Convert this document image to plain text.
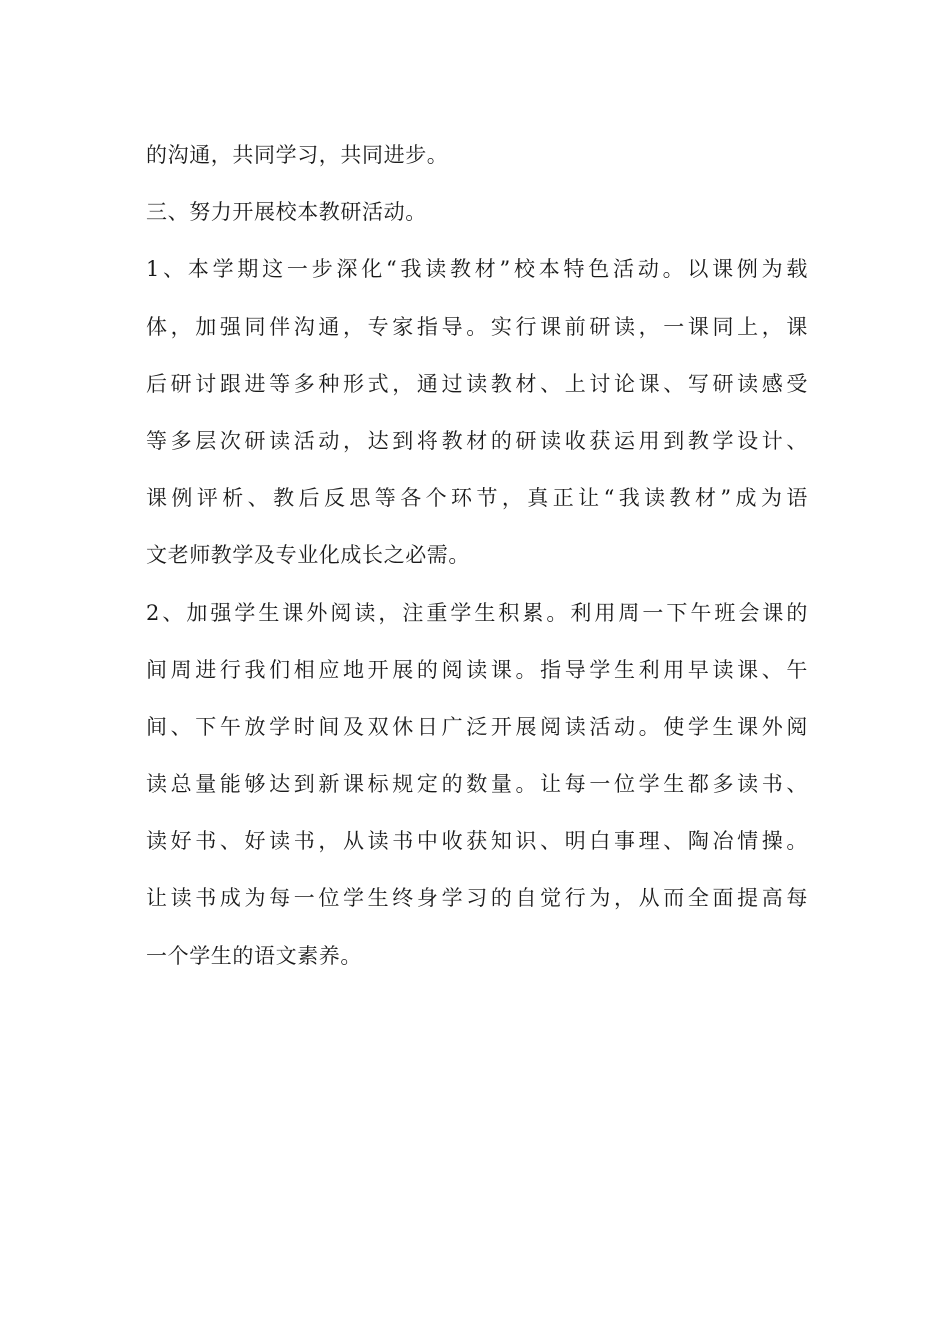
的沟通，共同学习，共同进步。
三、努力开展校本教研活动。
1、本学期这一步深化“我读教材”校本特色活动。以课例为载
体，加强同伴沟通，专家指导。实行课前研读，一课同上，课
后研讨跟进等多种形式，通过读教材、上讨论课、写研读感受
等多层次研读活动，达到将教材的研读收获运用到教学设计、
课例评析、教后反思等各个环节，真正让“我读教材”成为语
文老师教学及专业化成长之必需。
2、加强学生课外阅读，注重学生积累。利用周一下午班会课的
间周进行我们相应地开展的阅读课。指导学生利用早读课、午
间、下午放学时间及双休日广泛开展阅读活动。使学生课外阅
读总量能够达到新课标规定的数量。让每一位学生都多读书、
读好书、好读书，从读书中收获知识、明白事理、陶冶情操。
让读书成为每一位学生终身学习的自觉行为，从而全面提高每
一个学生的语文素养。
